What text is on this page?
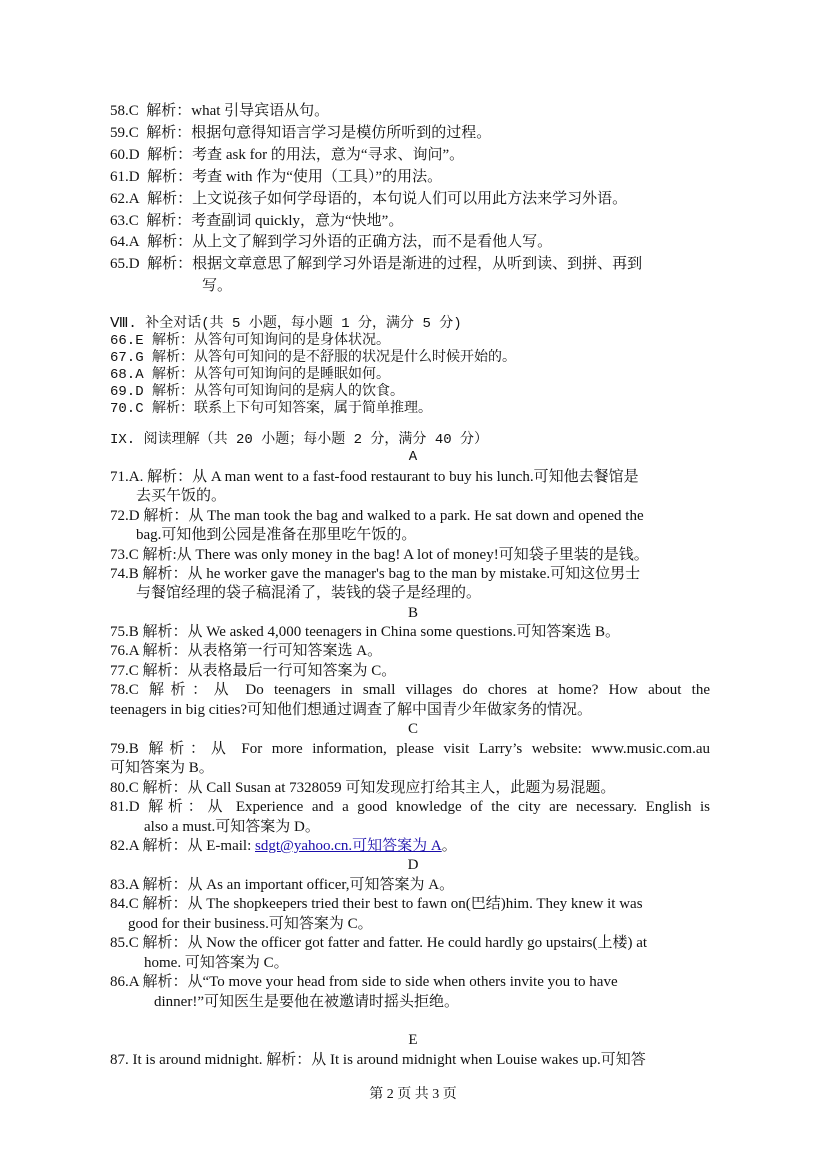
58.C 解析：what 引导宾语从句。
59.C 解析：根据句意得知语言学习是模仿所听到的过程。
60.D 解析：考查 ask for 的用法，意为“寻求、询问”。
61.D 解析：考查 with 作为“使用（工具）”的用法。
62.A 解析：上文说孩子如何学母语的，本句说人们可以用此方法来学习外语。
63.C 解析：考查副词 quickly，意为“快地”。
64.A 解析：从上文了解到学习外语的正确方法，而不是看他人写。
65.D 解析：根据文章意思了解到学习外语是渐进的过程，从听到读、到拼、再到
写。
Ⅷ. 补全对话(共 5 小题，每小题 1 分，满分 5 分)
66.E 解析：从答句可知询问的是身体状况。
67.G 解析：从答句可知问的是不舒服的状况是什么时候开始的。
68.A 解析：从答句可知询问的是睡眠如何。
69.D 解析：从答句可知询问的是病人的饮食。
70.C 解析：联系上下句可知答案，属于简单推理。
IX. 阅读理解（共 20 小题；每小题 2 分，满分 40 分）
A
71.A. 解析：从 A man went to a fast-food restaurant to buy his lunch.可知他去餐馆是
去买午饭的。
72.D 解析：从 The man took the bag and walked to a park. He sat down and opened the
bag.可知他到公园是准备在那里吃午饭的。
73.C 解析:从 There was only money in the bag! A lot of money!可知袋子里装的是钱。
74.B 解析：从 he worker gave the manager's bag to the man by mistake.可知这位男士
与餐馆经理的袋子稿混淆了，装钱的袋子是经理的。
B
75.B 解析：从 We asked 4,000 teenagers in China some questions.可知答案选 B。
76.A 解析：从表格第一行可知答案选 A。
77.C 解析：从表格最后一行可知答案为 C。
78.C 解析：从 Do teenagers in small villages do chores at home? How about the
teenagers in big cities?可知他们想通过调查了解中国青少年做家务的情况。
C
79.B 解析：从 For more information, please visit Larry’s website: www.music.com.au
可知答案为 B。
80.C 解析：从 Call Susan at 7328059 可知发现应打给其主人，此题为易混题。
81.D 解析：从 Experience and a good knowledge of the city are necessary. English is
also a must.可知答案为 D。
82.A 解析：从 E-mail: sdgt@yahoo.cn.可知答案为 A。
D
83.A 解析：从 As an important officer,可知答案为 A。
84.C 解析：从 The shopkeepers tried their best to fawn on(巴结)him. They knew it was
good for their business.可知答案为 C。
85.C 解析：从 Now the officer got fatter and fatter. He could hardly go upstairs(上楼) at
home. 可知答案为 C。
86.A 解析：从“To move your head from side to side when others invite you to have
dinner!”可知医生是要他在被邀请时摇头拒绝。
E
87. It is around midnight. 解析：从 It is around midnight when Louise wakes up.可知答
第 2 页 共 3 页
